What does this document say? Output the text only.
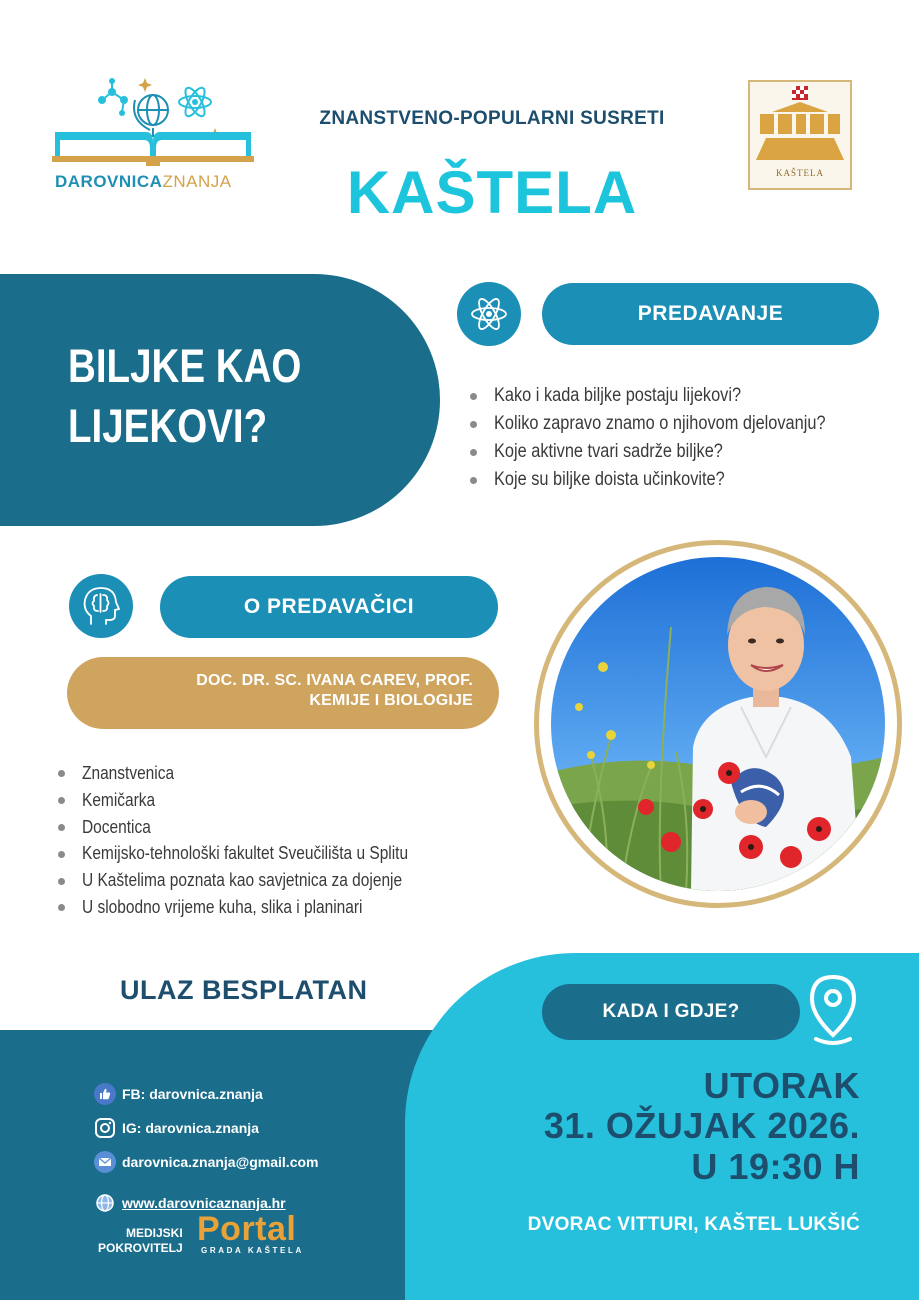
DAROVNICAZNANJA
ZNANSTVENO-POPULARNI SUSRETI
KAŠTELA	KAŠTELA
BILJKE KAO
LIJEKOVI?
PREDAVANJE
Kako i kada biljke postaju lijekovi?
Koliko zapravo znamo o njihovom djelovanju?
Koje aktivne tvari sadrže biljke?
Koje su biljke doista učinkovite?
O PREDAVAČICI
DOC. DR. SC. IVANA CAREV, PROF.
KEMIJE I BIOLOGIJE
Znanstvenica
Kemičarka
Docentica
Kemijsko-tehnološki fakultet Sveučilišta u Splitu
U Kaštelima poznata kao savjetnica za dojenje
U slobodno vrijeme kuha, slika i planinari
ULAZ BESPLATAN
KADA I GDJE?
UTORAK
31. OŽUJAK 2026.
U 19:30 H
DVORAC VITTURI, KAŠTEL LUKŠIĆ
FB: darovnica.znanja
IG: darovnica.znanja
darovnica.znanja@gmail.com
www.darovnicaznanja.hr
MEDIJSKI
POKROVITELJ Portal
GRADA KAŠTELA
